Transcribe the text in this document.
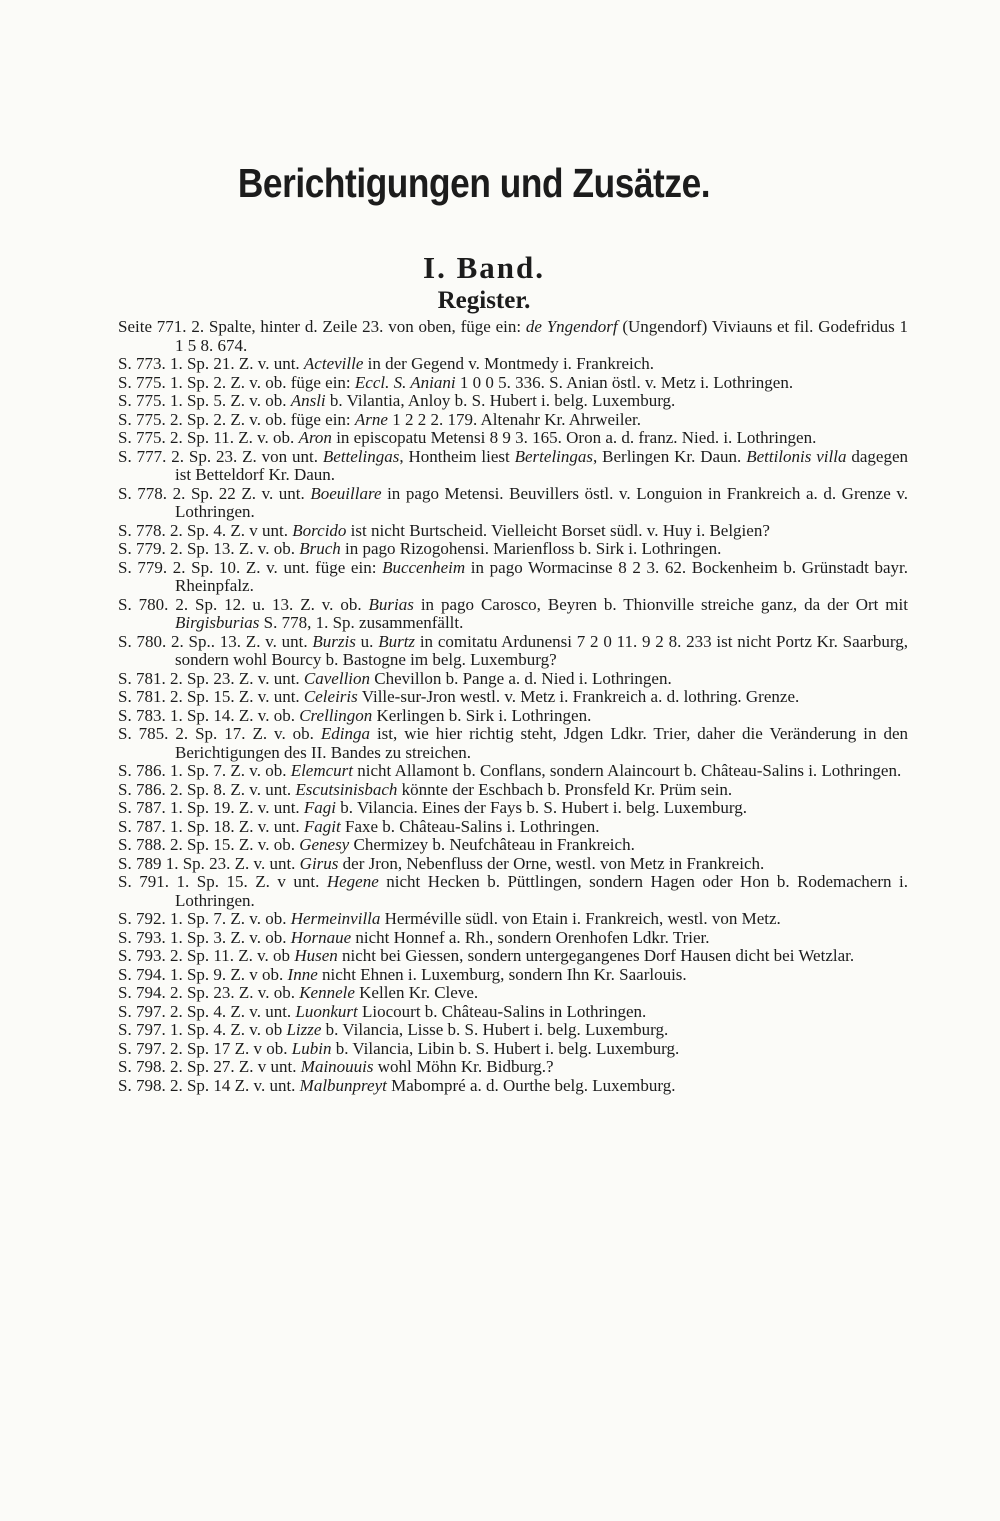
Berichtigungen und Zusätze.
I. Band.
Register.

Seite 771. 2. Spalte, hinter d. Zeile 23. von oben, füge ein: de Yngendorf (Ungendorf) Viviauns et fil. Godefridus 1 1 5 8. 674.

S. 773. 1. Sp. 21. Z. v. unt. Acteville in der Gegend v. Montmedy i. Frankreich.

S. 775. 1. Sp. 2. Z. v. ob. füge ein: Eccl. S. Aniani 1 0 0 5. 336. S. Anian östl. v. Metz i. Lothringen.

S. 775. 1. Sp. 5. Z. v. ob. Ansli b. Vilantia, Anloy b. S. Hubert i. belg. Luxemburg.

S. 775. 2. Sp. 2. Z. v. ob. füge ein: Arne 1 2 2 2. 179. Altenahr Kr. Ahrweiler.

S. 775. 2. Sp. 11. Z. v. ob. Aron in episcopatu Metensi 8 9 3. 165. Oron a. d. franz. Nied. i. Lothringen.

S. 777. 2. Sp. 23. Z. von unt. Bettelingas, Hontheim liest Bertelingas, Berlingen Kr. Daun. Bettilonis villa dagegen ist Betteldorf Kr. Daun.

S. 778. 2. Sp. 22 Z. v. unt. Boeuillare in pago Metensi. Beuvillers östl. v. Longuion in Frankreich a. d. Grenze v. Lothringen.

S. 778. 2. Sp. 4. Z. v unt. Borcido ist nicht Burtscheid. Vielleicht Borset südl. v. Huy i. Belgien?

S. 779. 2. Sp. 13. Z. v. ob. Bruch in pago Rizogohensi. Marienfloss b. Sirk i. Lothringen.

S. 779. 2. Sp. 10. Z. v. unt. füge ein: Buccenheim in pago Wormacinse 8 2 3. 62. Bockenheim b. Grünstadt bayr. Rheinpfalz.

S. 780. 2. Sp. 12. u. 13. Z. v. ob. Burias in pago Carosco, Beyren b. Thionville streiche ganz, da der Ort mit Birgisburias S. 778, 1. Sp. zusammenfällt.

S. 780. 2. Sp.. 13. Z. v. unt. Burzis u. Burtz in comitatu Ardunensi 7 2 0 11. 9 2 8. 233 ist nicht Portz Kr. Saarburg, sondern wohl Bourcy b. Bastogne im belg. Luxemburg?

S. 781. 2. Sp. 23. Z. v. unt. Cavellion Chevillon b. Pange a. d. Nied i. Lothringen.

S. 781. 2. Sp. 15. Z. v. unt. Celeiris Ville-sur-Jron westl. v. Metz i. Frankreich a. d. lothring. Grenze.

S. 783. 1. Sp. 14. Z. v. ob. Crellingon Kerlingen b. Sirk i. Lothringen.

S. 785. 2. Sp. 17. Z. v. ob. Edinga ist, wie hier richtig steht, Jdgen Ldkr. Trier, daher die Veränderung in den Berichtigungen des II. Bandes zu streichen.

S. 786. 1. Sp. 7. Z. v. ob. Elemcurt nicht Allamont b. Conflans, sondern Alaincourt b. Château-Salins i. Lothringen.

S. 786. 2. Sp. 8. Z. v. unt. Escutsinisbach könnte der Eschbach b. Pronsfeld Kr. Prüm sein.

S. 787. 1. Sp. 19. Z. v. unt. Fagi b. Vilancia. Eines der Fays b. S. Hubert i. belg. Luxemburg.

S. 787. 1. Sp. 18. Z. v. unt. Fagit Faxe b. Château-Salins i. Lothringen.

S. 788. 2. Sp. 15. Z. v. ob. Genesy Chermizey b. Neufchâteau in Frankreich.

S. 789 1. Sp. 23. Z. v. unt. Girus der Jron, Nebenfluss der Orne, westl. von Metz in Frankreich.

S. 791. 1. Sp. 15. Z. v unt. Hegene nicht Hecken b. Püttlingen, sondern Hagen oder Hon b. Rodemachern i. Lothringen.

S. 792. 1. Sp. 7. Z. v. ob. Hermeinvilla Herméville südl. von Etain i. Frankreich, westl. von Metz.

S. 793. 1. Sp. 3. Z. v. ob. Hornaue nicht Honnef a. Rh., sondern Orenhofen Ldkr. Trier.

S. 793. 2. Sp. 11. Z. v. ob Husen nicht bei Giessen, sondern untergegangenes Dorf Hausen dicht bei Wetzlar.

S. 794. 1. Sp. 9. Z. v ob. Inne nicht Ehnen i. Luxemburg, sondern Ihn Kr. Saarlouis.

S. 794. 2. Sp. 23. Z. v. ob. Kennele Kellen Kr. Cleve.

S. 797. 2. Sp. 4. Z. v. unt. Luonkurt Liocourt b. Château-Salins in Lothringen.

S. 797. 1. Sp. 4. Z. v. ob Lizze b. Vilancia, Lisse b. S. Hubert i. belg. Luxemburg.

S. 797. 2. Sp. 17 Z. v ob. Lubin b. Vilancia, Libin b. S. Hubert i. belg. Luxemburg.

S. 798. 2. Sp. 27. Z. v unt. Mainouuis wohl Möhn Kr. Bidburg.?

S. 798. 2. Sp. 14 Z. v. unt. Malbunpreyt Mabompré a. d. Ourthe belg. Luxemburg.
